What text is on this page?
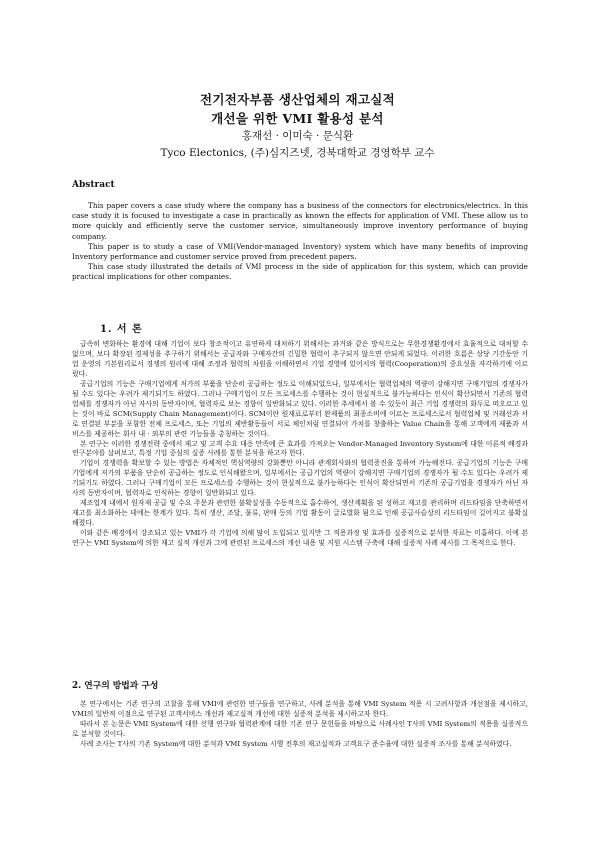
전기전자부품 생산업체의 재고실적
개선을 위한 VMI 활용성 분석
홍재선 · 이미숙 · 문식환
Tyco Electonics, (주)심지즈넷, 경북대학교 경영학부 교수
Abstract

This paper covers a case study where the company has a business of the connectors for electronics/electrics. In this case study it is focused to investigate a case in practically as known the effects for application of VMI. These allow us to more quickly and efficiently serve the customer service, simultaneously improve inventory performance of buying company.

This paper is to study a case of VMI(Vendor-managed Inventory) system which have many benefits of improving Inventory performance and customer service proved from precedent papers.

This case study illustrated the details of VMI process in the side of application for this system, which can provide practical implications for other companies.

1. 서 론

급속히 변화하는 환경에 대해 기업이 보다 창조적이고 유연하게 대처하기 위해서는 과거와 같은 방식으로는 무한경쟁환경에서 효율적으로 대처할 수 없으며, 보다 확장된 경제성을 추구하기 위해서는 공급자와 구매자간의 긴밀한 협력이 추구되지 않으면 안되게 되었다. 이러한 흐름은 상당 기간동안 기업 운영의 기본원리로서 경쟁의 원리에 대해 조정과 협력의 차원을 이해하면서 기업 경영에 있어서의 협력(Cooperation)의 중요성을 자각하기에 이르렀다.

공급기업의 기능은 구매기업에게 저가의 부품을 단순히 공급하는 정도로 이해되었으나, 일부에서는 협력업체의 역량이 강해지면 구매기업의 경쟁자가 될 수도 있다는 우려가 제기되기도 하였다. 그러나 구매기업이 모든 프로세스를 수행하는 것이 현실적으로 불가능하다는 인식이 확산되면서 기존의 협력업체를 경쟁자가 아닌 자사의 동반자이며, 협력자로 보는 경향이 일반화되고 있다. 이러한 추세에서 볼 수 있듯이 최근 기업 경쟁력의 화두로 떠오르고 있는 것이 바로 SCM(Supply Chain Management)이다. SCM이란 원재료로부터 완제품의 최종소비에 이르는 프로세스로서 협력업체 및 거래선과 서로 연결된 부분을 포함한 전체 프로세스, 또는 기업의 제반활동들이 서로 체인처럼 연결되어 가치를 창출하는 Value Chain을 통해 고객에게 제품과 서비스를 제공하는 회사 내 · 외부의 관련 기능들을 총칭하는 것이다.

본 연구는 이러한 경쟁전략 중에서 재고 및 고객 수요 대응 만족에 큰 효과를 가져오는 Vendor-Managed Inventory System에 대한 이론적 배경과 연구분야를 살펴보고, 특정 기업 중심의 실증 사례를 통한 분석을 하고자 한다.

기업이 경쟁력을 확보할 수 있는 방법은 자체적인 핵심역량의 강화뿐만 아니라 관계회사와의 협력증진을 통하여 가능해진다. 공급기업의 기능은 구매기업에게 저가의 부품을 단순히 공급하는 정도로 인식해왔으며, 일부에서는 공급기업의 역량이 강해지면 구매기업의 경쟁자가 될 수도 있다는 우려가 제기되기도 하였다. 그러나 구매기업이 모든 프로세스를 수행하는 것이 현실적으로 불가능하다는 인식이 확산되면서 기존의 공급기업을 경쟁자가 아닌 자사의 동반자이며, 협력자로 인식하는 경향이 일반화되고 있다.

제조업계 내에서 원자재 공급 및 수요 주문과 관련한 불확실성을 수동적으로 흡수하여, 생산계획을 된 성하고 재고를 관리하며 리드타임을 단축하면서 재고를 최소화하는 데에는 한계가 있다. 특히 생산, 조달, 물류, 판매 등의 기업 활동이 글로벌화 됨으로 인해 공급사슬상의 리드타임이 길어지고 불확실해졌다.

이와 같은 배경에서 강조되고 있는 VMI가 각 기업에 의해 많이 도입되고 있지만 그 적용과정 및 효과를 실증적으로 분석한 자료는 미흡하다. 이에 본 연구는 VMI System에 의한 재고 실적 개선과 그에 관련된 프로세스의 개선 내용 및 지원 시스템 구축에 대해 실증적 사례 제시를 그 목적으로 한다.

2. 연구의 방법과 구성

본 연구에서는 기존 연구의 고찰을 통해 VMI에 관련한 연구들을 연구하고, 사례 분석을 통해 VMI System 적용 시 고려사항과 개선점을 제시하고, VMI의 일반적 이점으로 연구된 고객서비스 개선과 재고실적 개선에 대한 실증적 분석을 제시하고자 한다.

따라서 본 논문은 VMI System에 대한 선행 연구와 협력관계에 대한 기존 연구 문헌들을 바탕으로 사례사인 T사의 VMI System의 적용을 실증적으로 분석할 것이다.

사례 조사는 T사의 기존 System에 대한 분석과 VMI System 시행 전후의 재고실적과 고객요구 준수율에 대한 실증적 조사를 통해 분석하였다.
